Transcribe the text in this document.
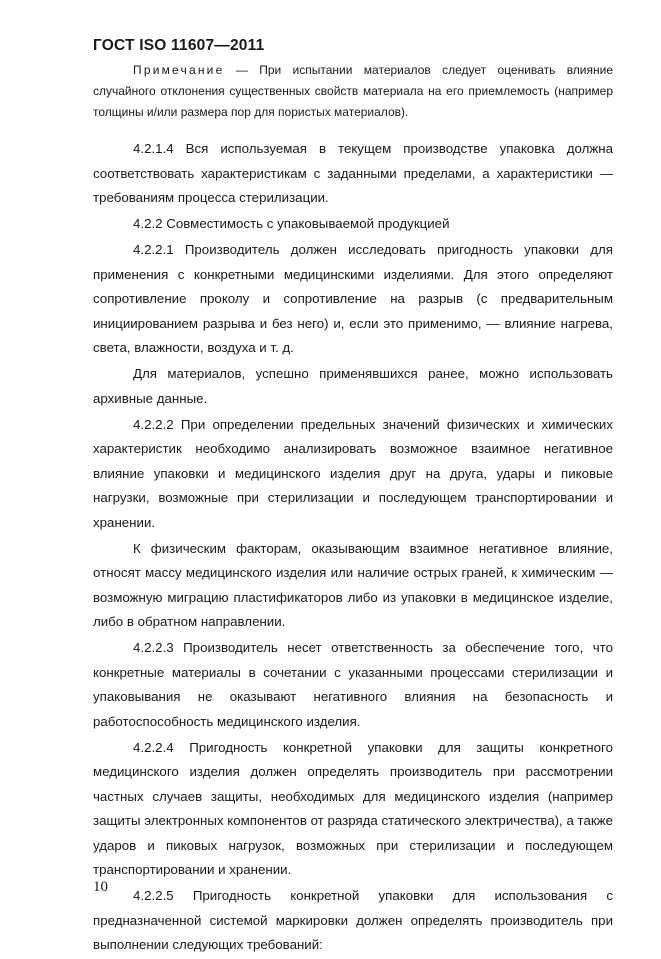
ГОСТ ISO 11607—2011
Примечание — При испытании материалов следует оценивать влияние случайного отклонения существенных свойств материала на его приемлемость (например толщины и/или размера пор для пористых материалов).

4.2.1.4 Вся используемая в текущем производстве упаковка должна соответствовать характеристикам с заданными пределами, а характеристики — требованиям процесса стерилизации.

4.2.2 Совместимость с упаковываемой продукцией

4.2.2.1 Производитель должен исследовать пригодность упаковки для применения с конкретными медицинскими изделиями. Для этого определяют сопротивление проколу и сопротивление на разрыв (с предварительным инициированием разрыва и без него) и, если это применимо, — влияние нагрева, света, влажности, воздуха и т. д.

Для материалов, успешно применявшихся ранее, можно использовать архивные данные.

4.2.2.2 При определении предельных значений физических и химических характеристик необходимо анализировать возможное взаимное негативное влияние упаковки и медицинского изделия друг на друга, удары и пиковые нагрузки, возможные при стерилизации и последующем транспортировании и хранении.

К физическим факторам, оказывающим взаимное негативное влияние, относят массу медицинского изделия или наличие острых граней, к химическим — возможную миграцию пластификаторов либо из упаковки в медицинское изделие, либо в обратном направлении.

4.2.2.3 Производитель несет ответственность за обеспечение того, что конкретные материалы в сочетании с указанными процессами стерилизации и упаковывания не оказывают негативного влияния на безопасность и работоспособность медицинского изделия.

4.2.2.4 Пригодность конкретной упаковки для защиты конкретного медицинского изделия должен определять производитель при рассмотрении частных случаев защиты, необходимых для медицинского изделия (например защиты электронных компонентов от разряда статического электричества), а также ударов и пиковых нагрузок, возможных при стерилизации и последующем транспортировании и хранении.

4.2.2.5 Пригодность конкретной упаковки для использования с предназначенной системой маркировки должен определять производитель при выполнении следующих требований:

10
